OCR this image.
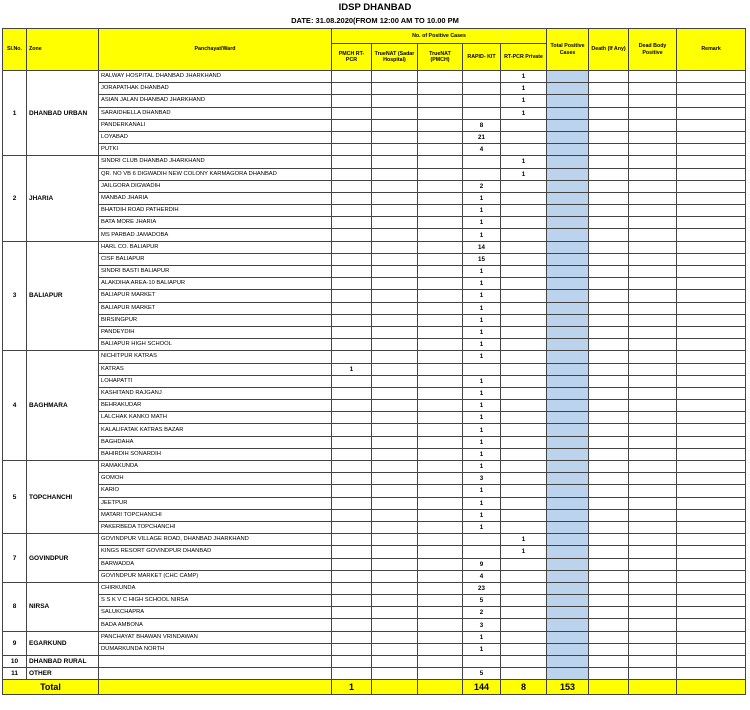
IDSP DHANBAD
DATE: 31.08.2020(FROM 12:00 AM TO 10.00 PM
Sl.No.	Zone	Panchayat/Ward	No. of Positive Cases					Total Positive Cases	Death (If Any)	Dead Body Positive	Remark
			PMCH RT-PCR	TrueNAT (Sadar Hospital)	TrueNAT (PMCH)	RAPID- KIT	RT-PCR Private				
1	DHANBAD URBAN	RALWAY HOSPITAL DHANBAD JHARKHAND					1				
		JORAPATHAK DHANBAD					1				
		ASIAN JALAN DHANBAD JHARKHAND					1				
		SARAIDHELLA DHANBAD					1				
		PANDERKANALI				8					
		LOYABAD				21					
		PUTKI				4					
2	JHARIA	SINDRI CLUB DHANBAD JHARKHAND					1				
		QR. NO VB 6 DIGWADIH NEW COLONY KARMAGORA DHANBAD					1				
		JAILGORA DIGWADIH				2					
		MANBAD JHARIA				1					
		BHATDIH ROAD PATHERDIH				1					
		BATA MORE JHARIA				1					
		MS PARBAD JAMADOBA				1					
3	BALIAPUR	HARL CO. BALIAPUR				14					
		CISF BALIAPUR				15					
		SINDRI BASTI BALIAPUR				1					
		ALAKDIHA AREA-10 BALIAPUR				1					
		BALIAPUR MARKET				1					
		BALIAPUR MARKET				1					
		BIRSINGPUR				1					
		PANDEYDIH				1					
		BALIAPUR HIGH SCHOOL				1					
4	BAGHMARA	NICHITPUR KATRAS				1					
		KATRAS	1								
		LOHAPATTI				1					
		KASHITAND RAJGANJ				1					
		BEHRAKUDAR				1					
		LALCHAK KANKO MATH				1					
		KALALIFATAK KATRAS BAZAR				1					
		BAGHDAHA				1					
		BAHIRDIH SONARDIH				1					
5	TOPCHANCHI	RAMAKUNDA				1					
		GOMOH				3					
		KARIO				1					
		JEETPUR				1					
		MATARI TOPCHANCHI				1					
		PAKERBEDA TOPCHANCHI				1					
7	GOVINDPUR	GOVINDPUR VILLAGE ROAD, DHANBAD JHARKHAND					1				
		KINGS RESORT GOVINDPUR DHANBAD					1				
		BARWADDA				9					
		GOVINDPUR MARKET (CHC CAMP)				4					
8	NIRSA	CHIRKUNDA				23					
		S S K V C HIGH SCHOOL NIRSA				5					
		SALUKCHAPRA				2					
		BADA AMBONA				3					
9	EGARKUND	PANCHAYAT BHAWAN VRINDAWAN				1					
		DUMARKUNDA NORTH				1					
10	DHANBAD RURAL										
11	OTHER					5					
Total			1			144	8	153			
